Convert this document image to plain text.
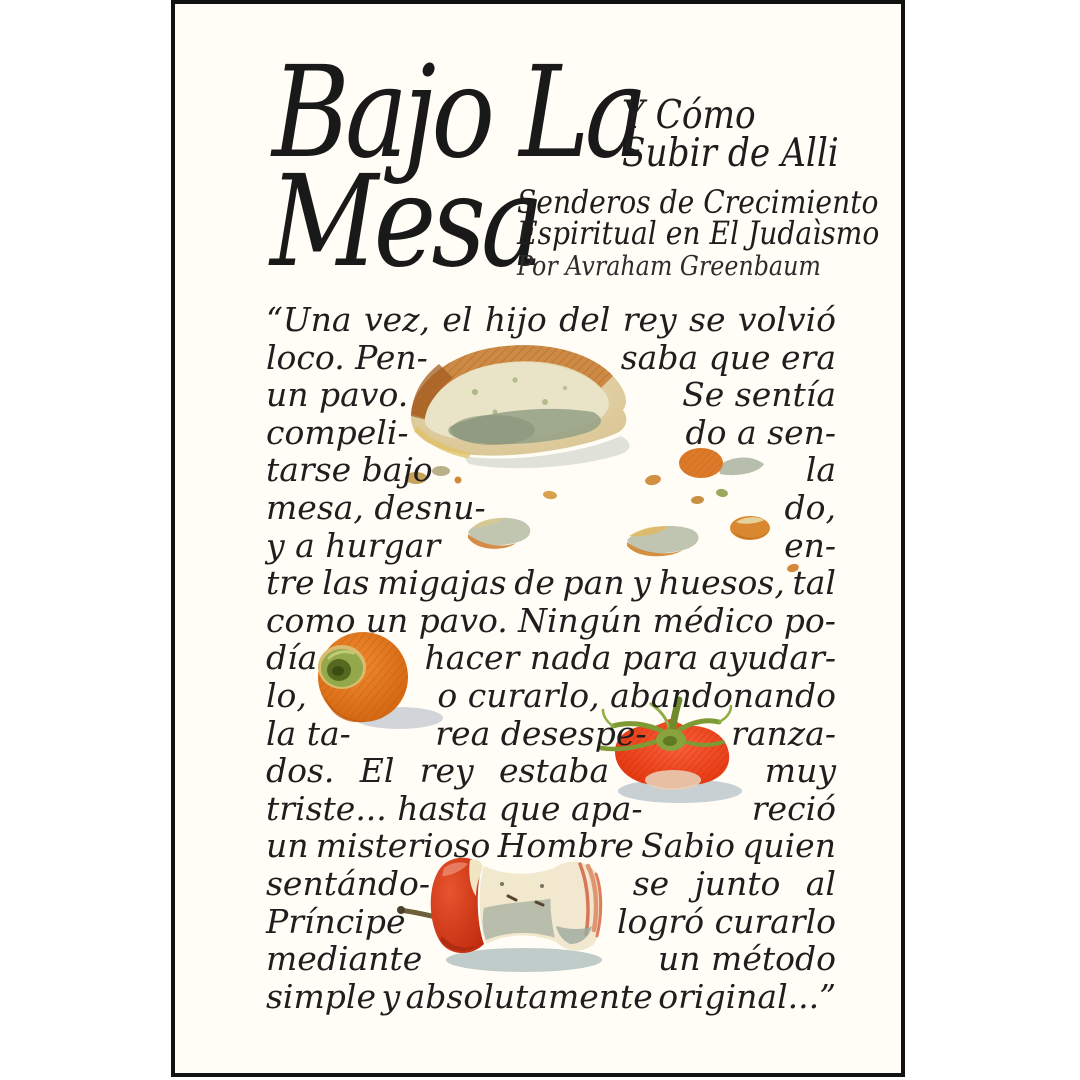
Bajo La
Mesa
Y Cómo
Subir de Alli
Senderos de Crecimiento
Espiritual en El Judaìsmo
Por Avraham Greenbaum
“Una vez, el hijo del rey se volvió
loco. Pen-	saba que era
un pavo.	Se sentía
compeli-	do a sen-
tarse bajo	la
mesa, desnu-	do,
y a hurgar	en-
tre las migajas de pan y huesos, tal
como un pavo. Ningún médico po-
día	hacer nada para ayudar-
lo,	o curarlo, abandonando
la ta-	rea desespe-	ranza-
dos. El rey estaba	muy
triste... hasta que apa-	reció
un misterioso Hombre Sabio quien
sentándo-	se junto al
Príncipe	logró curarlo
mediante	un método
simple y absolutamente original...”
